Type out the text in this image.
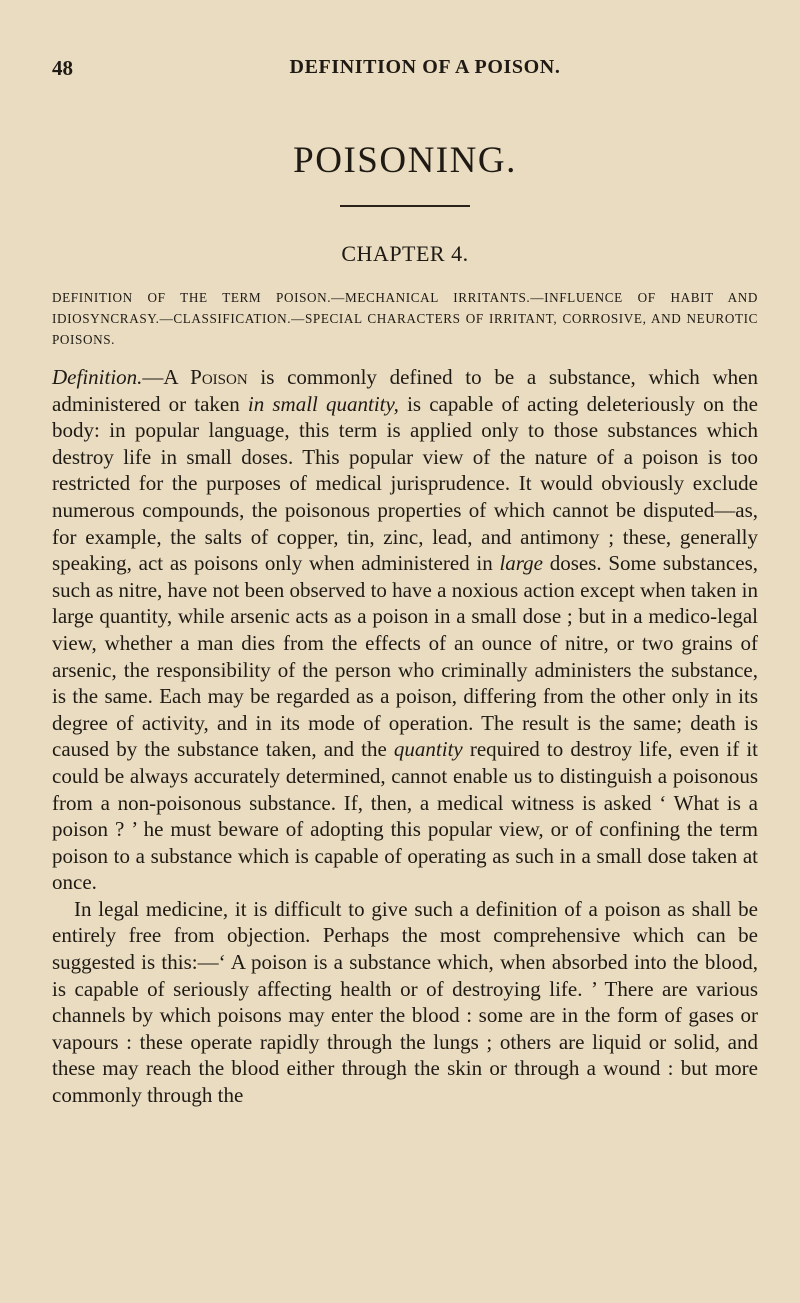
48	DEFINITION OF A POISON.
POISONING.
CHAPTER 4.
DEFINITION OF THE TERM POISON.—MECHANICAL IRRITANTS.—INFLUENCE OF HABIT AND IDIOSYNCRASY.—CLASSIFICATION.—SPECIAL CHARACTERS OF IRRITANT, CORROSIVE, AND NEUROTIC POISONS.

Definition.—A Poison is commonly defined to be a substance, which when administered or taken in small quantity, is capable of acting deleteriously on the body: in popular language, this term is applied only to those substances which destroy life in small doses. This popular view of the nature of a poison is too restricted for the purposes of medical jurisprudence. It would obviously exclude numerous compounds, the poisonous properties of which cannot be disputed—as, for example, the salts of copper, tin, zinc, lead, and antimony ; these, generally speaking, act as poisons only when administered in large doses. Some substances, such as nitre, have not been observed to have a noxious action except when taken in large quantity, while arsenic acts as a poison in a small dose ; but in a medico-legal view, whether a man dies from the effects of an ounce of nitre, or two grains of arsenic, the responsibility of the person who criminally administers the substance, is the same. Each may be regarded as a poison, differing from the other only in its degree of activity, and in its mode of operation. The result is the same; death is caused by the substance taken, and the quantity required to destroy life, even if it could be always accurately determined, cannot enable us to distinguish a poisonous from a non-poisonous substance. If, then, a medical witness is asked ‘ What is a poison ? ’ he must beware of adopting this popular view, or of confining the term poison to a substance which is capable of operating as such in a small dose taken at once.

In legal medicine, it is difficult to give such a definition of a poison as shall be entirely free from objection. Perhaps the most comprehensive which can be suggested is this:—‘ A poison is a substance which, when absorbed into the blood, is capable of seriously affecting health or of destroying life. ’ There are various channels by which poisons may enter the blood : some are in the form of gases or vapours : these operate rapidly through the lungs ; others are liquid or solid, and these may reach the blood either through the skin or through a wound : but more commonly through the
